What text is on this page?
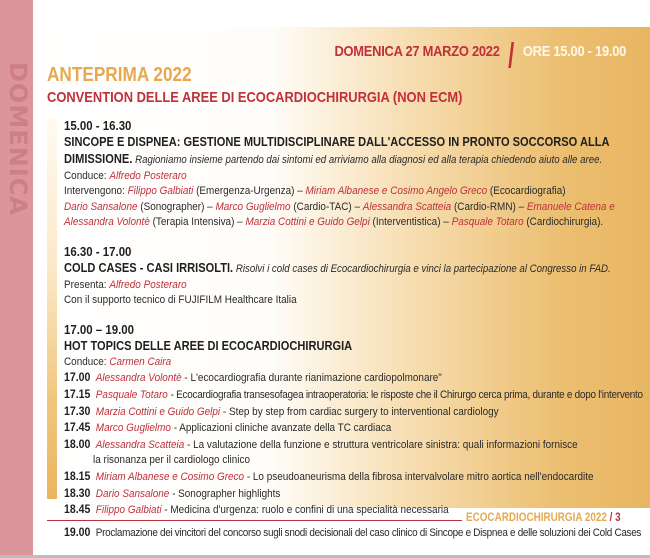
DOMENICA
DOMENICA 27 MARZO 2022 ORE 15.00 - 19.00
ANTEPRIMA 2022
CONVENTION DELLE AREE DI ECOCARDIOCHIRURGIA (NON ECM)
15.00 - 16.30
SINCOPE E DISPNEA: GESTIONE MULTIDISCIPLINARE DALL'ACCESSO IN PRONTO SOCCORSO ALLA
DIMISSIONE. Ragioniamo insieme partendo dai sintomi ed arriviamo alla diagnosi ed alla terapia chiedendo aiuto alle aree.
Conduce: Alfredo Posteraro
Intervengono: Filippo Galbiati (Emergenza-Urgenza) – Miriam Albanese e Cosimo Angelo Greco (Ecocardiografia)
Dario Sansalone (Sonographer) – Marco Guglielmo (Cardio-TAC) – Alessandra Scatteia (Cardio-RMN) – Emanuele Catena e
Alessandra Volontè (Terapia Intensiva) – Marzia Cottini e Guido Gelpi (Interventistica) – Pasquale Totaro (Cardiochirurgia).
16.30 - 17.00
COLD CASES - CASI IRRISOLTI. Risolvi i cold cases di Ecocardiochirurgia e vinci la partecipazione al Congresso in FAD.
Presenta: Alfredo Posteraro
Con il supporto tecnico di FUJIFILM Healthcare Italia
17.00 – 19.00
HOT TOPICS DELLE AREE DI ECOCARDIOCHIRURGIA
Conduce: Carmen Caira
17.00 Alessandra Volontè - L'ecocardiografia durante rianimazione cardiopolmonare"
17.15 Pasquale Totaro - Ecocardiografia transesofagea intraoperatoria: le risposte che il Chirurgo cerca prima, durante e dopo l'intervento
17.30 Marzia Cottini e Guido Gelpi - Step by step from cardiac surgery to interventional cardiology
17.45 Marco Guglielmo - Applicazioni cliniche avanzate della TC cardiaca
18.00 Alessandra Scatteia - La valutazione della funzione e struttura ventricolare sinistra: quali informazioni fornisce
la risonanza per il cardiologo clinico
18.15 Miriam Albanese e Cosimo Greco - Lo pseudoaneurisma della fibrosa intervalvolare mitro aortica nell'endocardite
18.30 Dario Sansalone - Sonographer highlights
18.45 Filippo Galbiati - Medicina d'urgenza: ruolo e confini di una specialità necessaria
19.00 Proclamazione dei vincitori del concorso sugli snodi decisionali del caso clinico di Sincope e Dispnea e delle soluzioni dei Cold Cases
ECOCARDIOCHIRURGIA 2022 / 3
